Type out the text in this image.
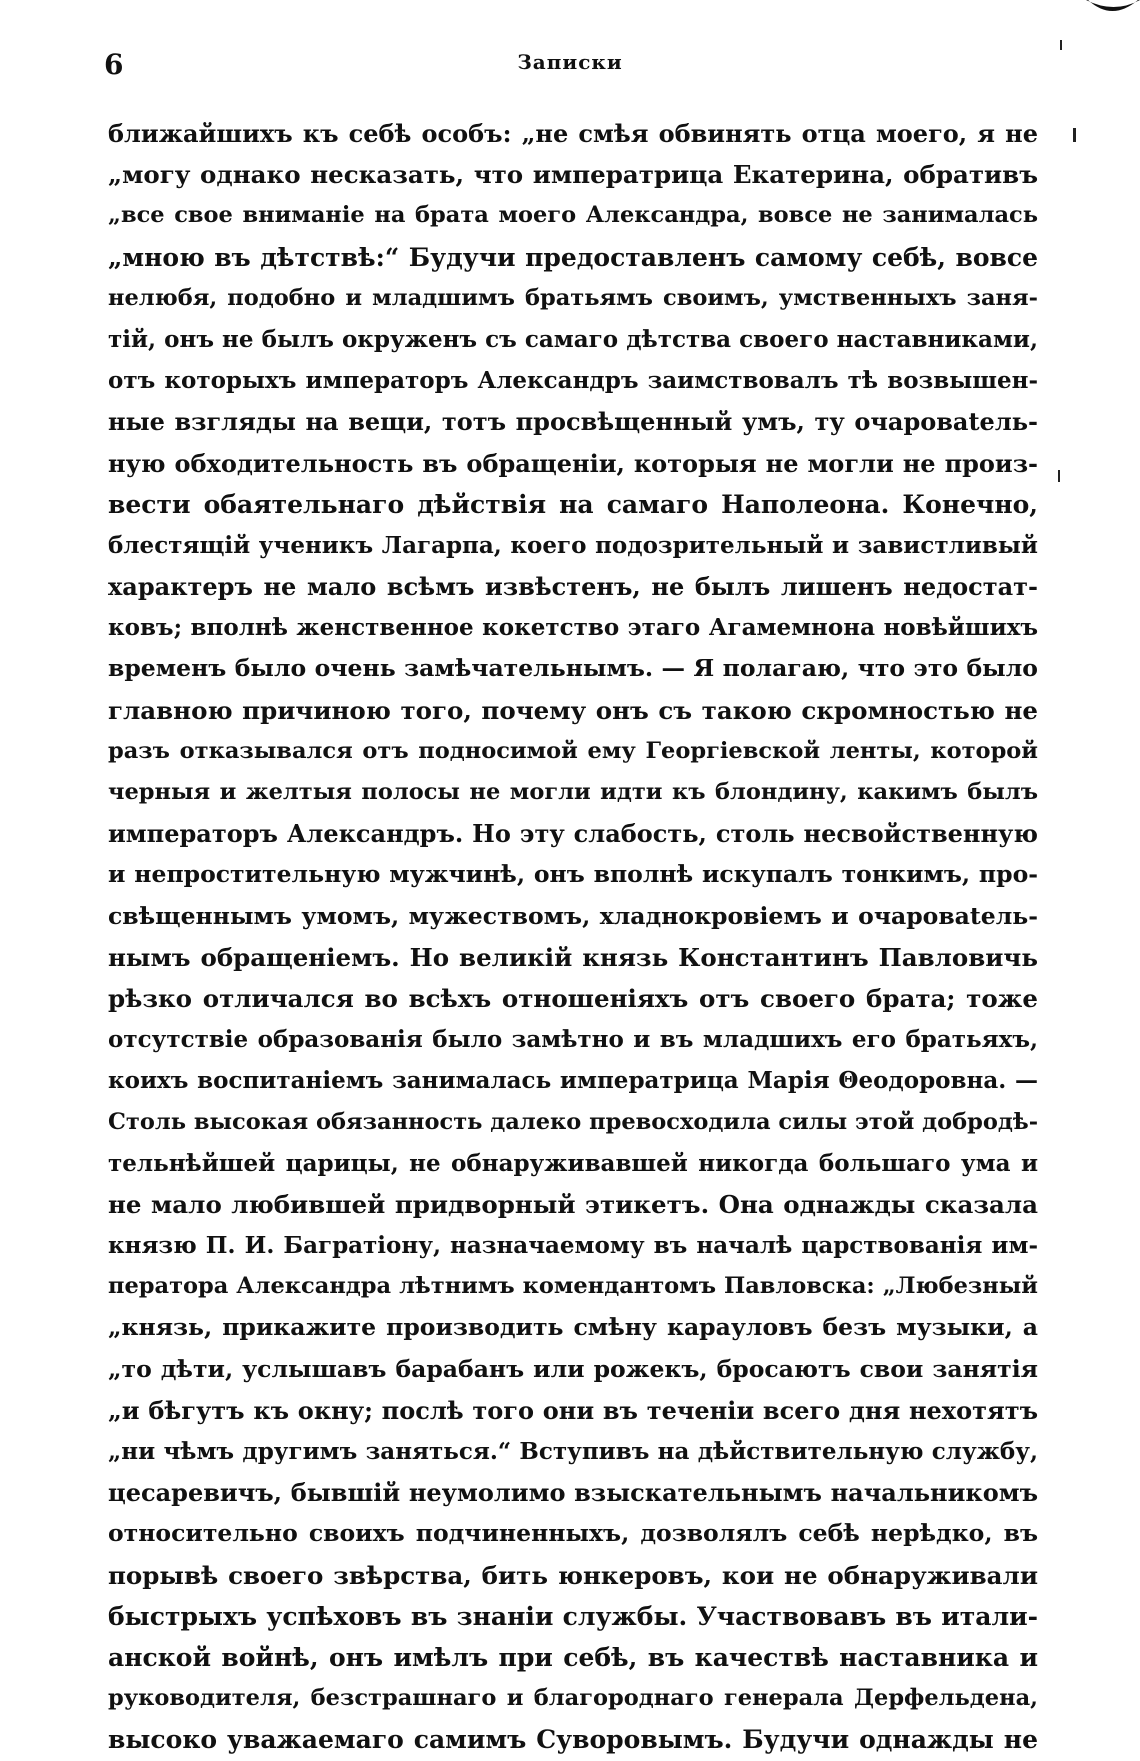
6	Записки
ближайшихъ къ себѣ особъ: „не смѣя обвинять отца моего, я не
„могу однако несказать, что императрица Екатерина, обративъ
„все свое вниманіе на брата моего Александра, вовсе не занималась
„мною въ дѣтствѣ:“ Будучи предоставленъ самому себѣ, вовсе
нелюбя, подобно и младшимъ братьямъ своимъ, умственныхъ заня-
тій, онъ не былъ окруженъ съ самаго дѣтства своего наставниками,
отъ которыхъ императоръ Александръ заимствовалъ тѣ возвышен-
ные взгляды на вещи, тотъ просвѣщенный умъ, ту очаровatель-
ную обходительность въ обращеніи, которыя не могли не произ-
вести обаятельнаго дѣйствія на самаго Наполеона. Конечно,
блестящій ученикъ Лагарпа, коего подозрительный и завистливый
характеръ не мало всѣмъ извѣстенъ, не былъ лишенъ недостат-
ковъ; вполнѣ женственное кокетство этаго Агамемнона новѣйшихъ
временъ было очень замѣчательнымъ. — Я полагаю, что это было
главною причиною того, почему онъ съ такою скромностью не
разъ отказывался отъ подносимой ему Георгіевской ленты, которой
черныя и желтыя полосы не могли идти къ блондину, какимъ былъ
императоръ Александръ. Но эту слабость, столь несвойственную
и непростительную мужчинѣ, онъ вполнѣ искупалъ тонкимъ, про-
свѣщеннымъ умомъ, мужествомъ, хладнокровіемъ и очаровatель-
нымъ обращеніемъ. Но великій князь Константинъ Павловичь
рѣзко отличался во всѣхъ отношеніяхъ отъ своего брата; тоже
отсутствіе образованія было замѣтно и въ младшихъ его братьяхъ,
коихъ воспитаніемъ занималась императрица Марія Θеодоровна. —
Столь высокая обязанность далеко превосходила силы этой добродѣ-
тельнѣйшей царицы, не обнаруживавшей никогда большаго ума и
не мало любившей придворный этикетъ. Она однажды сказала
князю П. И. Багратіону, назначаемому въ началѣ царствованія им-
ператора Александра лѣтнимъ комендантомъ Павловска: „Любезный
„князь, прикажите производить смѣну карауловъ безъ музыки, а
„то дѣти, услышавъ барабанъ или рожекъ, бросаютъ свои занятія
„и бѣгутъ къ окну; послѣ того они въ теченіи всего дня нехотятъ
„ни чѣмъ другимъ заняться.“ Вступивъ на дѣйствительную службу,
цесаревичъ, бывшій неумолимо взыскательнымъ начальникомъ
относительно своихъ подчиненныхъ, дозволялъ себѣ нерѣдко, въ
порывѣ своего звѣрства, бить юнкеровъ, кои не обнаруживали
быстрыхъ успѣховъ въ знаніи службы. Участвовавъ въ итали-
анской войнѣ, онъ имѣлъ при себѣ, въ качествѣ наставника и
руководителя, безстрашнаго и благороднаго генерала Дерфельдена,
высоко уважаемаго самимъ Суворовымъ. Будучи однажды не
